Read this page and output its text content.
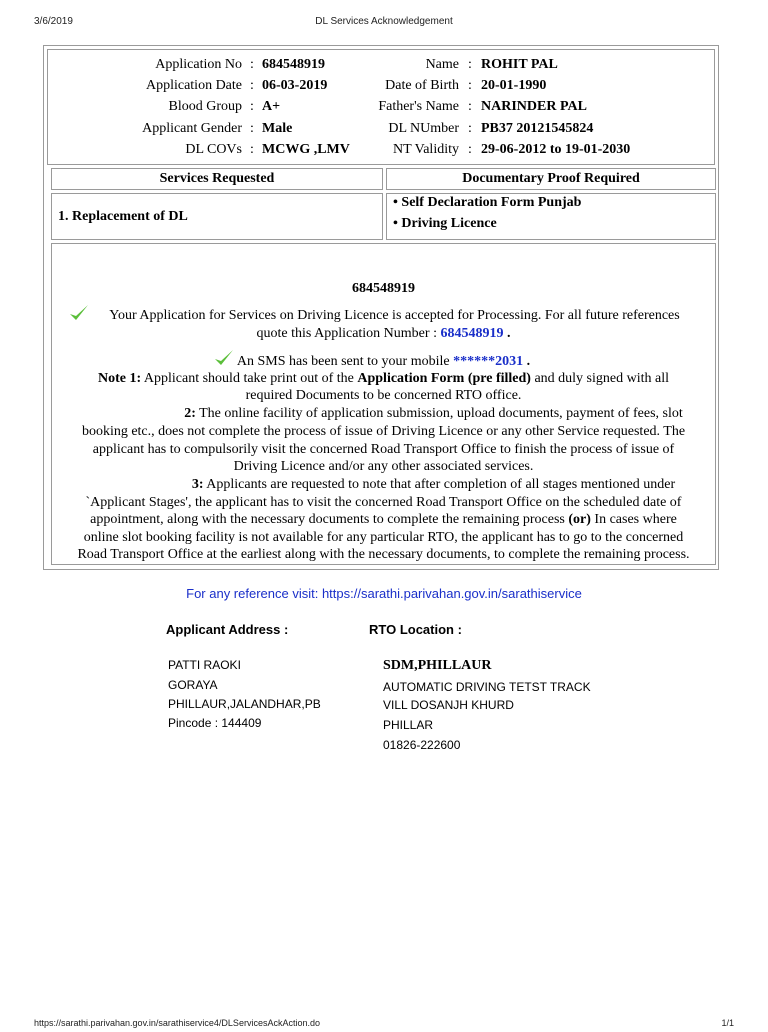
3/6/2019	DL Services Acknowledgement
Application No : 684548919	Name : ROHIT PAL
Application Date : 06-03-2019	Date of Birth : 20-01-1990
Blood Group : A+	Father's Name : NARINDER PAL
Applicant Gender : Male	DL NUmber : PB37 20121545824
DL COVs : MCWG ,LMV	NT Validity : 29-06-2012 to 19-01-2030
Services Requested	Documentary Proof Required
1. Replacement of DL
• Self Declaration Form Punjab
• Driving Licence
684548919
Your Application for Services on Driving Licence is accepted for Processing. For all future references
quote this Application Number : 684548919 .
An SMS has been sent to your mobile ******2031 .
Note 1: Applicant should take print out of the Application Form (pre filled) and duly signed with all
required Documents to be concerned RTO office.
2: The online facility of application submission, upload documents, payment of fees, slot
booking etc., does not complete the process of issue of Driving Licence or any other Service requested. The
applicant has to compulsorily visit the concerned Road Transport Office to finish the process of issue of
Driving Licence and/or any other associated services.
3: Applicants are requested to note that after completion of all stages mentioned under
`Applicant Stages', the applicant has to visit the concerned Road Transport Office on the scheduled date of
appointment, along with the necessary documents to complete the remaining process (or) In cases where
online slot booking facility is not available for any particular RTO, the applicant has to go to the concerned
Road Transport Office at the earliest along with the necessary documents, to complete the remaining process.
For any reference visit: https://sarathi.parivahan.gov.in/sarathiservice
Applicant Address :	RTO Location :
PATTI RAOKI
GORAYA
PHILLAUR,JALANDHAR,PB
Pincode : 144409
SDM,PHILLAUR
AUTOMATIC DRIVING TETST TRACK
VILL DOSANJH KHURD
PHILLAR
01826-222600
https://sarathi.parivahan.gov.in/sarathiservice4/DLServicesAckAction.do	1/1
